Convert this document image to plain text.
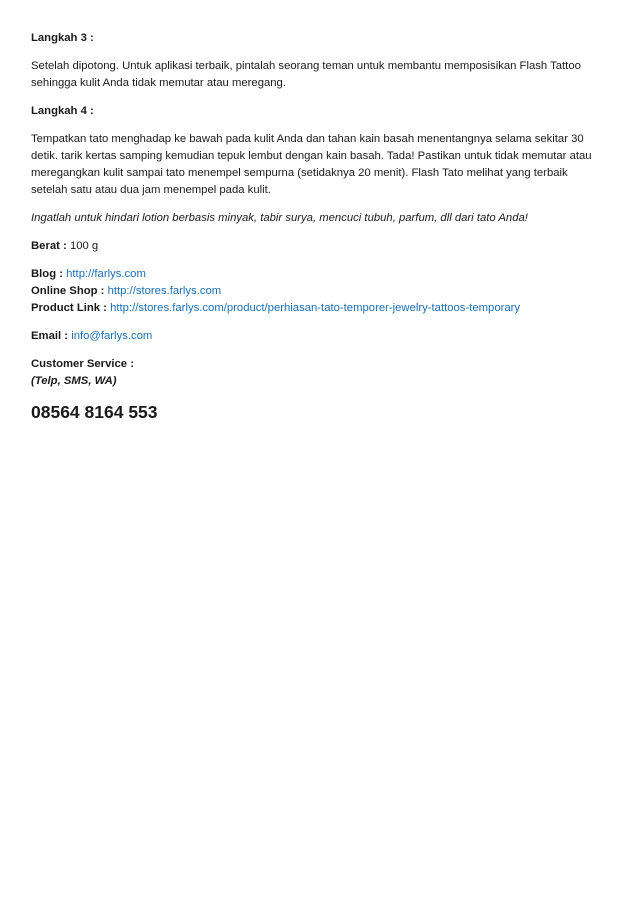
Langkah 3 :

Setelah dipotong. Untuk aplikasi terbaik, pintalah seorang teman untuk membantu memposisikan Flash Tattoo

sehingga kulit Anda tidak memutar atau meregang.

Langkah 4 :

Tempatkan tato menghadap ke bawah pada kulit Anda dan tahan kain basah menentangnya selama sekitar 30

detik. tarik kertas samping kemudian tepuk lembut dengan kain basah. Tada! Pastikan untuk tidak memutar atau

meregangkan kulit sampai tato menempel sempurna (setidaknya 20 menit). Flash Tato melihat yang terbaik

setelah satu atau dua jam menempel pada kulit.

Ingatlah untuk hindari lotion berbasis minyak, tabir surya, mencuci tubuh, parfum, dll dari tato Anda!

Berat : 100 g

Blog : http://farlys.com

Online Shop : http://stores.farlys.com

Product Link : http://stores.farlys.com/product/perhiasan-tato-temporer-jewelry-tattoos-temporary

Email : info@farlys.com

Customer Service :

(Telp, SMS, WA)

08564 8164 553
